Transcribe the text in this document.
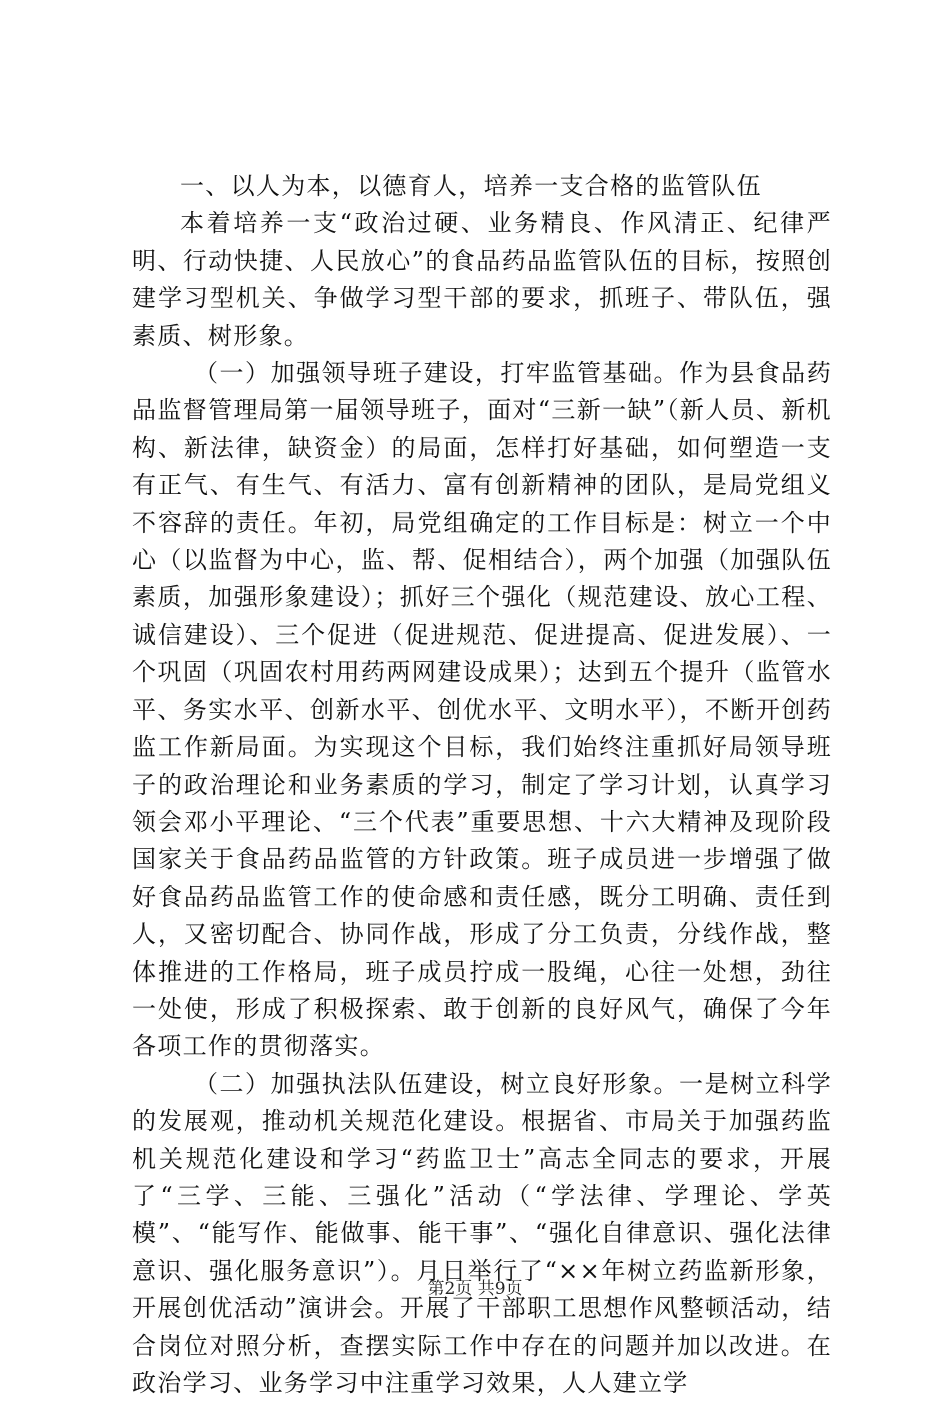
一、以人为本，以德育人，培养一支合格的监管队伍

本着培养一支“政治过硬、业务精良、作风清正、纪律严明、行动快捷、人民放心”的食品药品监管队伍的目标，按照创建学习型机关、争做学习型干部的要求，抓班子、带队伍，强素质、树形象。

（一）加强领导班子建设，打牢监管基础。作为县食品药品监督管理局第一届领导班子，面对“三新一缺”（新人员、新机构、新法律，缺资金）的局面，怎样打好基础，如何塑造一支有正气、有生气、有活力、富有创新精神的团队，是局党组义不容辞的责任。年初，局党组确定的工作目标是：树立一个中心（以监督为中心，监、帮、促相结合），两个加强（加强队伍素质，加强形象建设）；抓好三个强化（规范建设、放心工程、诚信建设）、三个促进（促进规范、促进提高、促进发展）、一个巩固（巩固农村用药两网建设成果）；达到五个提升（监管水平、务实水平、创新水平、创优水平、文明水平），不断开创药监工作新局面。为实现这个目标，我们始终注重抓好局领导班子的政治理论和业务素质的学习，制定了学习计划，认真学习领会邓小平理论、“三个代表”重要思想、十六大精神及现阶段国家关于食品药品监管的方针政策。班子成员进一步增强了做好食品药品监管工作的使命感和责任感，既分工明确、责任到人，又密切配合、协同作战，形成了分工负责，分线作战，整体推进的工作格局，班子成员拧成一股绳，心往一处想，劲往一处使，形成了积极探索、敢于创新的良好风气，确保了今年各项工作的贯彻落实。

（二）加强执法队伍建设，树立良好形象。一是树立科学的发展观，推动机关规范化建设。根据省、市局关于加强药监机关规范化建设和学习“药监卫士”高志全同志的要求，开展了“三学、三能、三强化”活动（“学法律、学理论、学英模”、“能写作、能做事、能干事”、“强化自律意识、强化法律意识、强化服务意识”）。月日举行了“××年树立药监新形象，开展创优活动”演讲会。开展了干部职工思想作风整顿活动，结合岗位对照分析，查摆实际工作中存在的问题并加以改进。在政治学习、业务学习中注重学习效果，人人建立学

第2页 共9页
